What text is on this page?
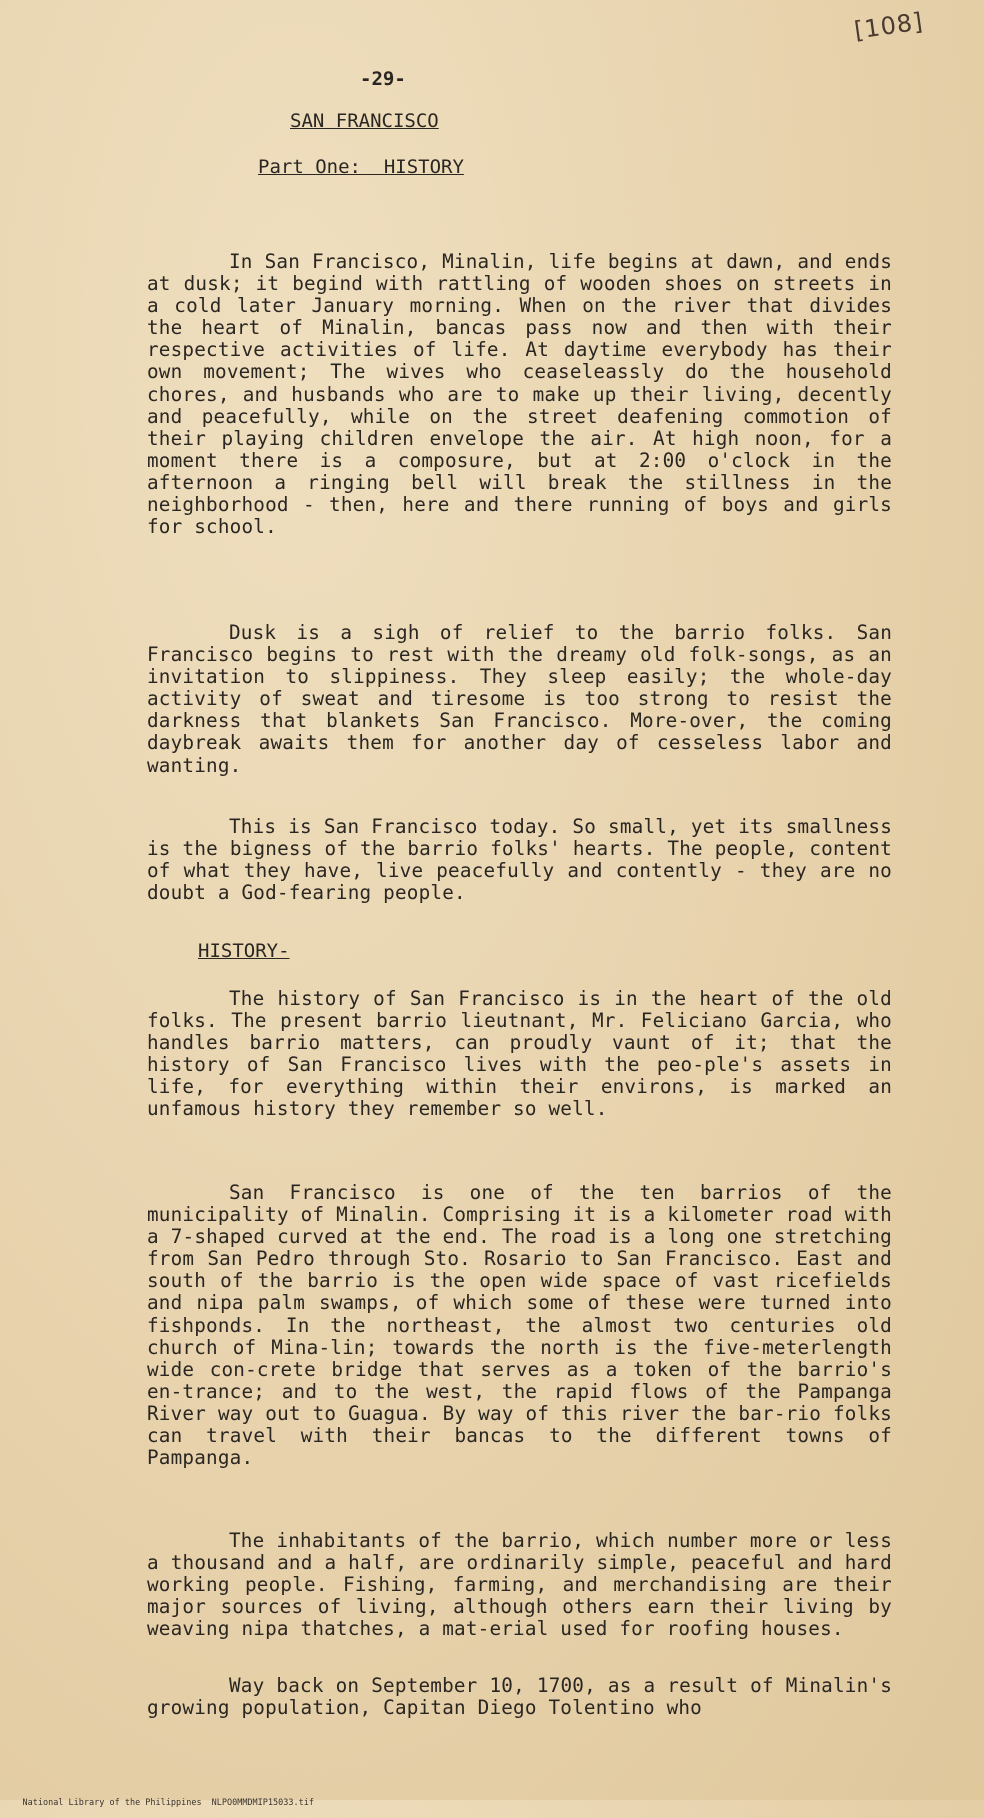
[108]
-29-
SAN FRANCISCO
Part One:  HISTORY

In San Francisco, Minalin, life begins at dawn, and ends at dusk; it begind with rattling of wooden shoes on streets in a cold later January morning. When on the river that divides the heart of Minalin, bancas pass now and then with their respective activities of life. At daytime everybody has their own movement; The wives who ceaseleassly do the household chores, and husbands who are to make up their living, decently and peacefully, while on the street deafening commotion of their playing children envelope the air. At high noon, for a moment there is a composure, but at 2:00 o'clock in the afternoon a ringing bell will break the stillness in the neighborhood - then, here and there running of boys and girls for school.

Dusk is a sigh of relief to the barrio folks. San Francisco begins to rest with the dreamy old folk-songs, as an invitation to slippiness. They sleep easily; the whole-day activity of sweat and tiresome is too strong to resist the darkness that blankets San Francisco. More-over, the coming daybreak awaits them for another day of cesseless labor and wanting.

This is San Francisco today. So small, yet its smallness is the bigness of the barrio folks' hearts. The people, content of what they have, live peacefully and contently - they are no doubt a God-fearing people.

HISTORY-

The history of San Francisco is in the heart of the old folks. The present barrio lieutnant, Mr. Feliciano Garcia, who handles barrio matters, can proudly vaunt of it; that the history of San Francisco lives with the peo-ple's assets in life, for everything within their environs, is marked an unfamous history they remember so well.

San Francisco is one of the ten barrios of the municipality of Minalin. Comprising it is a kilometer road with a 7-shaped curved at the end. The road is a long one stretching from San Pedro through Sto. Rosario to San Francisco. East and south of the barrio is the open wide space of vast ricefields and nipa palm swamps, of which some of these were turned into fishponds. In the northeast, the almost two centuries old church of Mina-lin; towards the north is the five-meterlength wide con-crete bridge that serves as a token of the barrio's en-trance; and to the west, the rapid flows of the Pampanga River way out to Guagua. By way of this river the bar-rio folks can travel with their bancas to the different towns of Pampanga.

The inhabitants of the barrio, which number more or less a thousand and a half, are ordinarily simple, peaceful and hard working people. Fishing, farming, and merchandising are their major sources of living, although others earn their living by weaving nipa thatches, a mat-erial used for roofing houses.

Way back on September 10, 1700, as a result of Minalin's growing population, Capitan Diego Tolentino who

National Library of the Philippines NLPO0MMDMIP15033.tif
